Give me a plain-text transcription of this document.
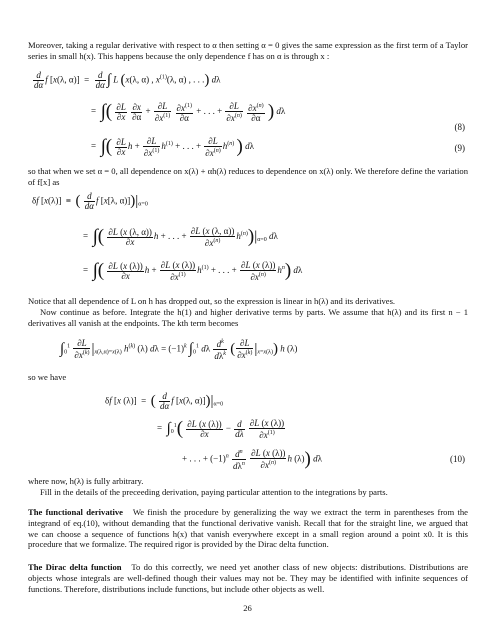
Moreover, taking a regular derivative with respect to α then setting α = 0 gives the same expression as the first term of a Taylor series in small h(x). This happens because the only dependence f has on α is through x :

$\frac{d}{d\alpha}$ f [x(λ, $\alpha)] = \frac{d}{d\alpha}$ ∫ L (x(λ, α) , $x^{(1)}(\lambda$, α) , . . .) dλ
=  ∫( $\frac{\partial L}{\partial x}$
$\frac{\partial x}{\partial\alpha} + \frac{\partial L}{\partial x^{(1)}}$
$\frac{\partial x^{(1)}}{\partial\alpha}$ + . . . + $\frac{\partial L}{\partial x^{(n)}}$
$\frac{\partial x^{(n)}}{\partial\alpha}$ ) dλ
(8)
=  ∫( $\frac{\partial L}{\partial x}$ $h + \frac{\partial L}{\partial x^{(1)}} h^{(1)}$ + . . . + $\frac{\partial L}{\partial x^{(n)}} h^{(n)}$ ) dλ	(9)

so that when we set α = 0, all dependence on x(λ) + αh(λ) reduces to dependence on x(λ) only. We therefore define the variation of f[x] as

δf [x(λ)]  ≡  ( $\frac{d}{d\alpha}$ f [x[λ, $\alpha)])|_{\alpha=0}$
=  ∫( $\frac{\partial L (x (\lambda, \alpha))}{\partial x}$ h + . . . + $\frac{\partial L (x (\lambda, \alpha))}{\partial x^{(n)}} h^{(n)})|_{\alpha=0}$ dλ
=  ∫( $\frac{\partial L (x (\lambda))}{\partial x}$ $h + \frac{\partial L (x (\lambda))}{\partial x^{(1)}} h^{(1)}$ + . . . + $\frac{\partial L (x (\lambda))}{\partial x^{(n)}} h^n$) dλ

Notice that all dependence of L on h has dropped out, so the expression is linear in h(λ) and its derivatives.

Now continue as before. Integrate the h(1) and higher derivative terms by parts. We assume that h(λ) and its first n − 1 derivatives all vanish at the endpoints. The kth term becomes

$\int_0^1 \frac{\partial L}{\partial x^{(k)}} |_{x(\lambda,\alpha)=x(\lambda)}$ $h^{(k)}$ (λ) $d\lambda = (-1)^k$ $\int_0^1$ dλ $\frac{d^k}{d\lambda^k}$ ( $\frac{\partial L}{\partial x^{(k)}} |_{x=x(\lambda)}$) h (λ)

so we have

δf [x (λ)]  =  ( $\frac{d}{d\alpha}$ f [x(λ, $\alpha)])|_{\alpha=0}$
=  $\int_0^1( \frac{\partial L (x (\lambda))}{\partial x} - \frac{d}{d\lambda}$
$\frac{\partial L (x (\lambda))}{\partial x^{(1)}}$
+ . . . + $(-1)^n \frac{d^n}{d\lambda^n}$
$\frac{\partial L (x (\lambda))}{\partial x^{(n)}}$ h (λ)) dλ	(10)

where now, h(λ) is fully arbitrary.

Fill in the details of the preceeding derivation, paying particular attention to the integrations by parts.

The functional derivative We finish the procedure by generalizing the way we extract the term in parentheses from the integrand of eq.(10), without demanding that the functional derivative vanish. Recall that for the straight line, we argued that we can choose a sequence of functions h(x) that vanish everywhere except in a small region around a point x0. It is this procedure that we formalize. The required rigor is provided by the Dirac delta function.

The Dirac delta function To do this correctly, we need yet another class of new objects: distributions. Distributions are objects whose integrals are well-defined though their values may not be. They may be identified with infinite sequences of functions. Therefore, distributions include functions, but include other objects as well.

26
